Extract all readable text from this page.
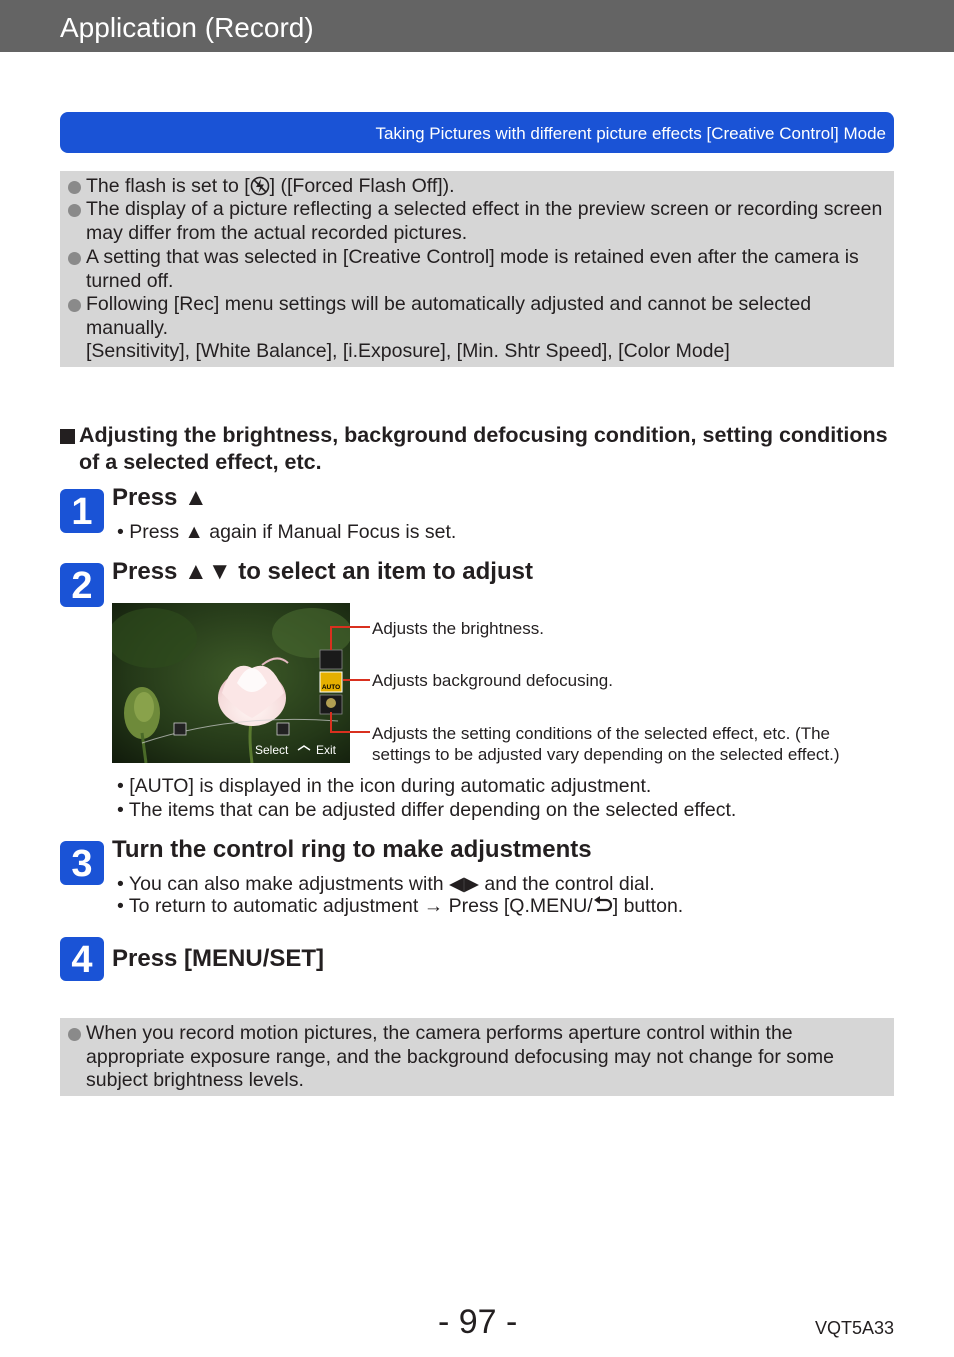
Application (Record)
Taking Pictures with different picture effects [Creative Control] Mode
The flash is set to [ ] ([Forced Flash Off]).
The display of a picture reflecting a selected effect in the preview screen or recording screen may differ from the actual recorded pictures.
A setting that was selected in [Creative Control] mode is retained even after the camera is turned off.
Following [Rec] menu settings will be automatically adjusted and cannot be selected manually.
[Sensitivity], [White Balance], [i.Exposure], [Min. Shtr Speed], [Color Mode]
Adjusting the brightness, background defocusing condition, setting conditions of a selected effect, etc.
1 Press ▲
• Press ▲ again if Manual Focus is set.
2 Press ▲▼ to select an item to adjust
AUTO
Select Exit
Adjusts the brightness.
Adjusts background defocusing.
Adjusts the setting conditions of the selected effect, etc. (The
settings to be adjusted vary depending on the selected effect.)
• [AUTO] is displayed in the icon during automatic adjustment.
• The items that can be adjusted differ depending on the selected effect.
3 Turn the control ring to make adjustments
• You can also make adjustments with ◀▶ and the control dial.
• To return to automatic adjustment → Press [Q.MENU/ ] button.
4 Press [MENU/SET]
When you record motion pictures, the camera performs aperture control within the appropriate exposure range, and the background defocusing may not change for some subject brightness levels.
- 97 -	VQT5A33
